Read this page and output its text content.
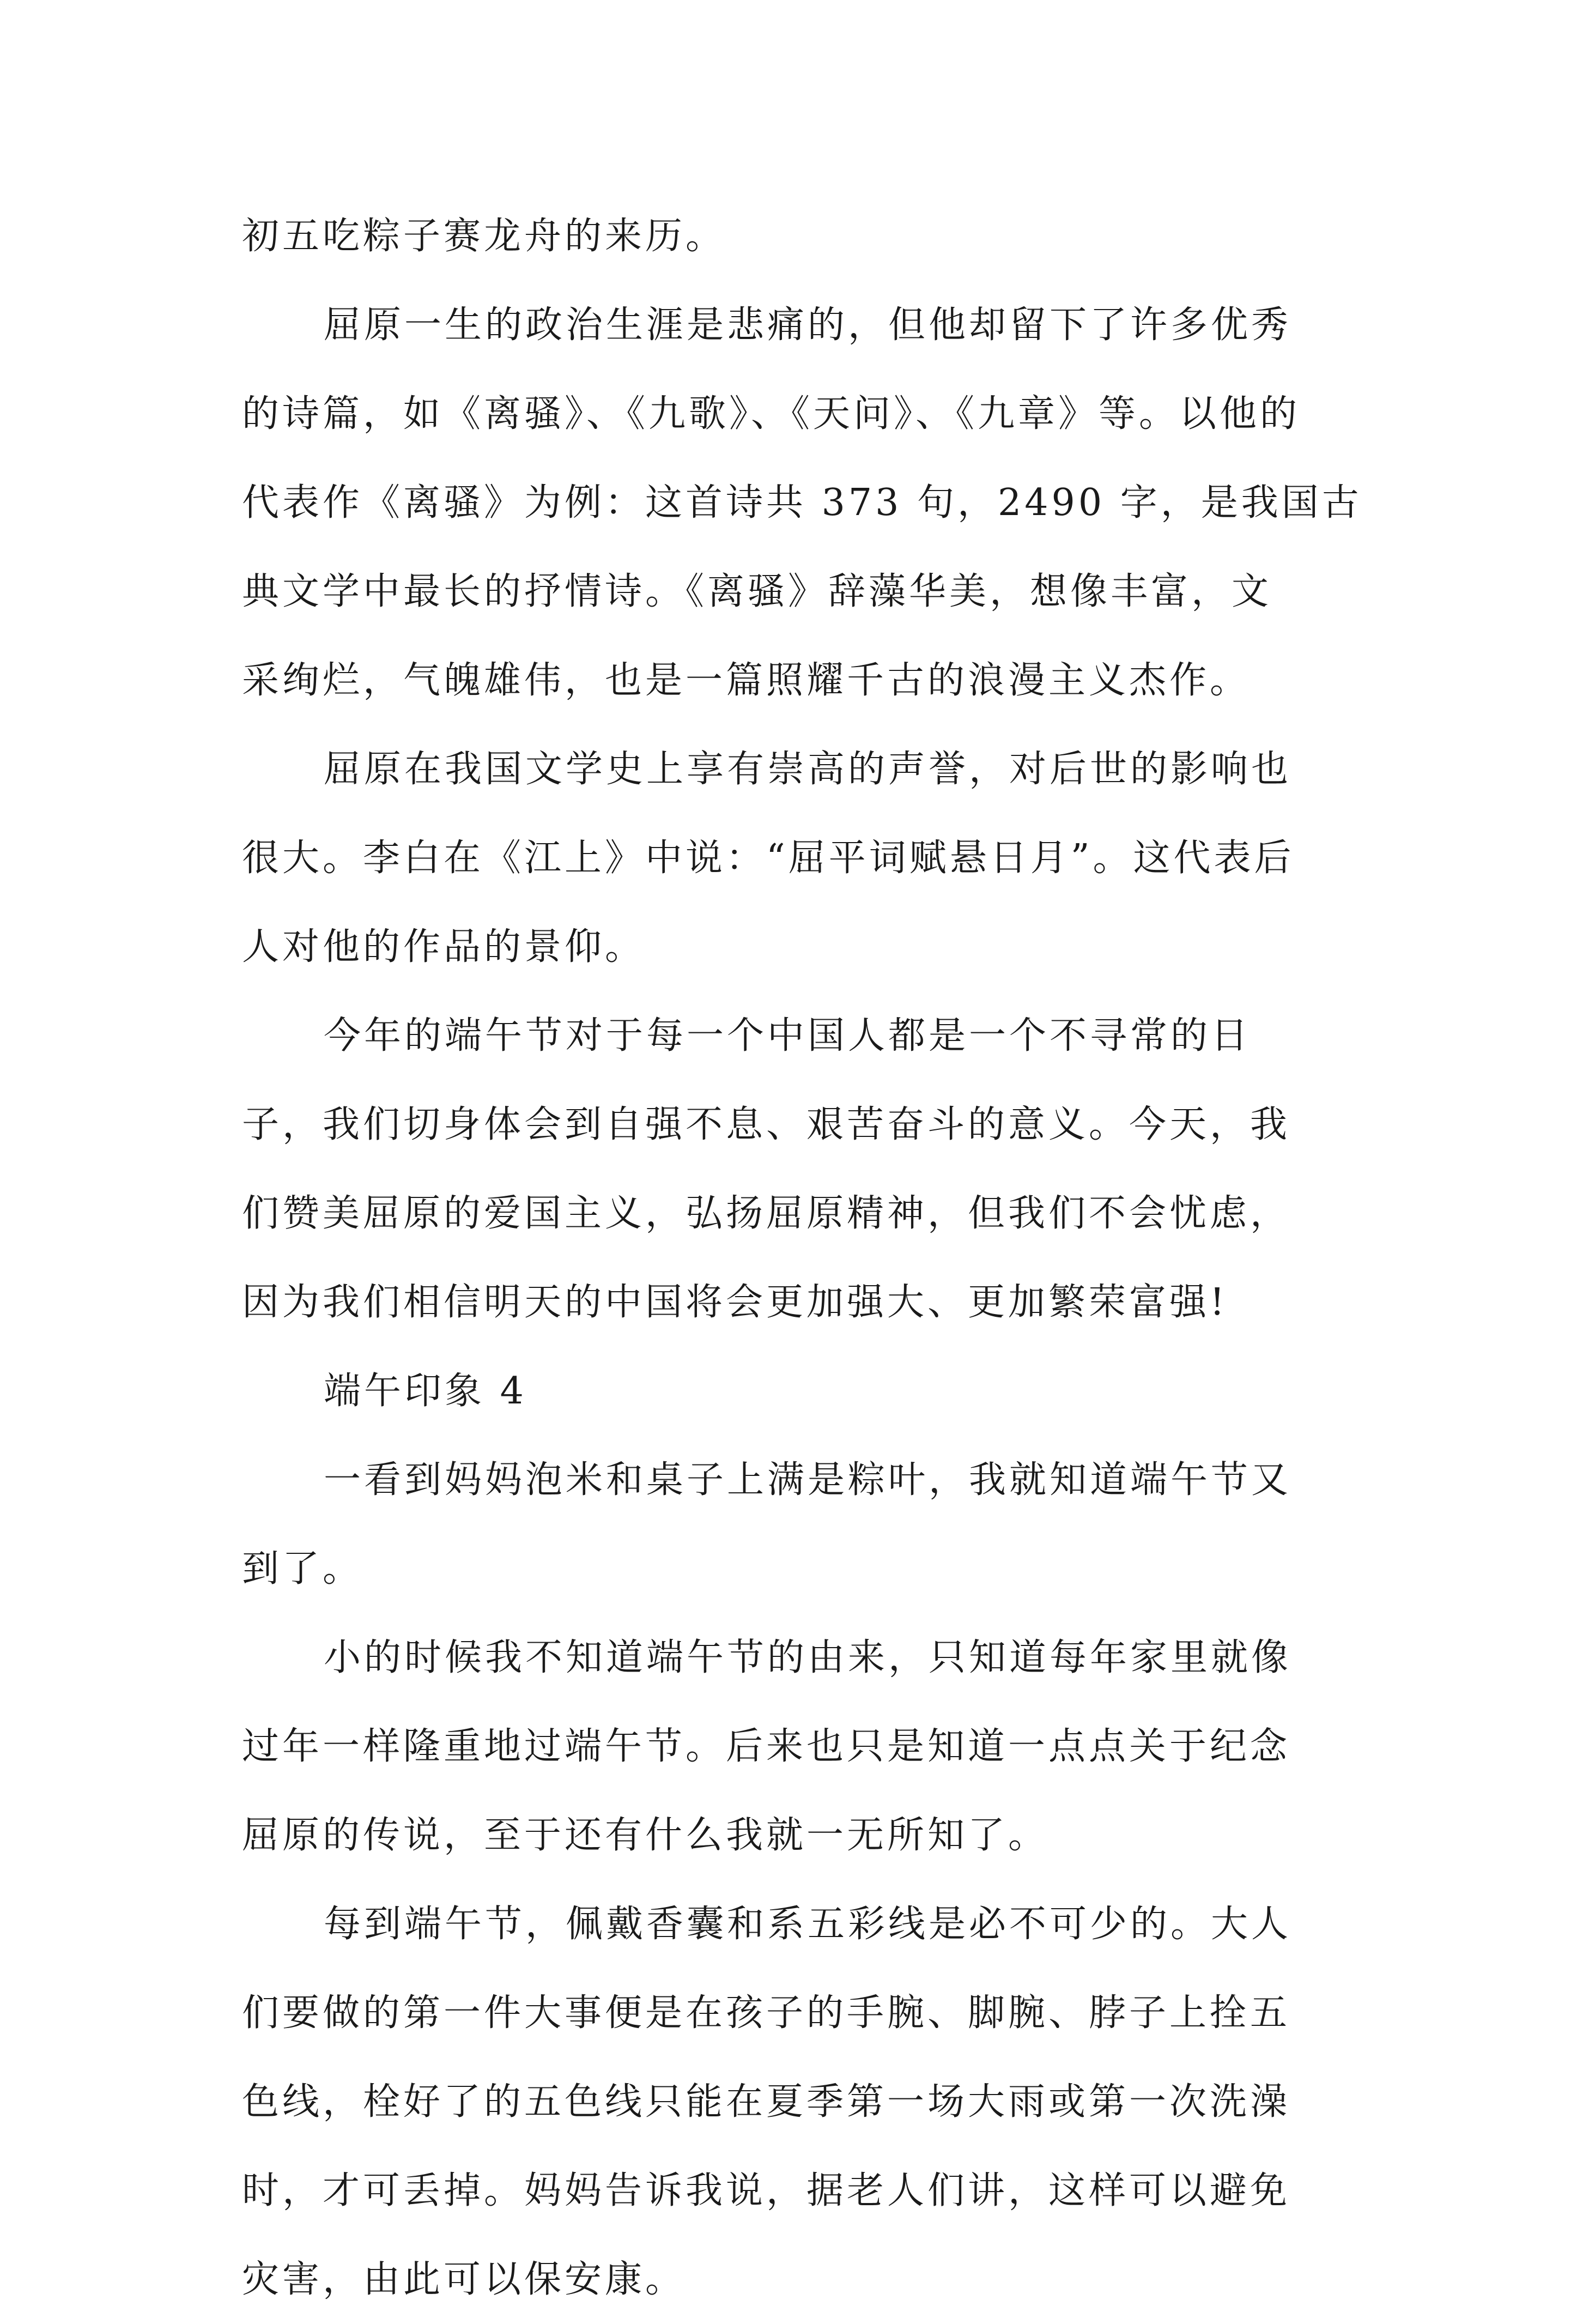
初五吃粽子赛龙舟的来历。
屈原一生的政治生涯是悲痛的，但他却留下了许多优秀
的诗篇，如《离骚》、《九歌》、《天问》、《九章》等。以他的
代表作《离骚》为例：这首诗共 373 句，2490 字，是我国古
典文学中最长的抒情诗。《离骚》辞藻华美，想像丰富，文
采绚烂，气魄雄伟，也是一篇照耀千古的浪漫主义杰作。
屈原在我国文学史上享有崇高的声誉，对后世的影响也
很大。李白在《江上》中说：“屈平词赋悬日月”。这代表后
人对他的作品的景仰。
今年的端午节对于每一个中国人都是一个不寻常的日
子，我们切身体会到自强不息、艰苦奋斗的意义。今天，我
们赞美屈原的爱国主义，弘扬屈原精神，但我们不会忧虑，
因为我们相信明天的中国将会更加强大、更加繁荣富强!
端午印象 4
一看到妈妈泡米和桌子上满是粽叶，我就知道端午节又
到了。
小的时候我不知道端午节的由来，只知道每年家里就像
过年一样隆重地过端午节。后来也只是知道一点点关于纪念
屈原的传说，至于还有什么我就一无所知了。
每到端午节，佩戴香囊和系五彩线是必不可少的。大人
们要做的第一件大事便是在孩子的手腕、脚腕、脖子上拴五
色线，栓好了的五色线只能在夏季第一场大雨或第一次洗澡
时，才可丢掉。妈妈告诉我说，据老人们讲，这样可以避免
灾害，由此可以保安康。
